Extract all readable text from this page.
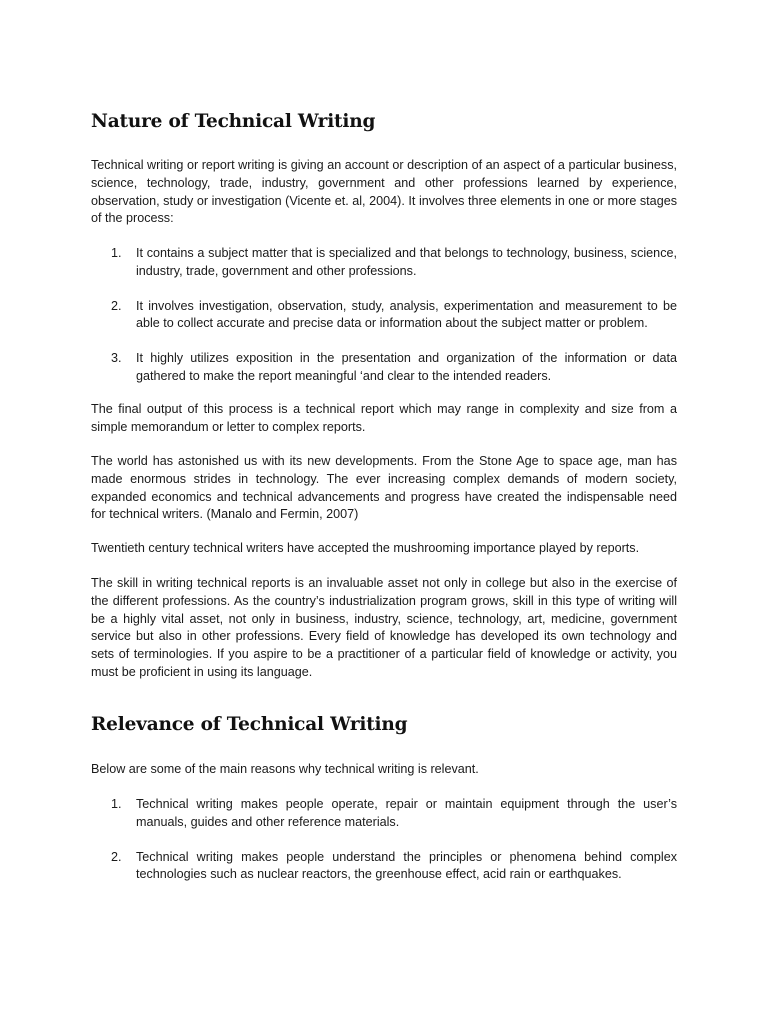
Nature of Technical Writing

Technical writing or report writing is giving an account or description of an aspect of a particular business, science, technology, trade, industry, government and other professions learned by experience, observation, study or investigation (Vicente et. al, 2004). It involves three elements in one or more stages of the process:

1. It contains a subject matter that is specialized and that belongs to technology, business, science, industry, trade, government and other professions.
2. It involves investigation, observation, study, analysis, experimentation and measurement to be able to collect accurate and precise data or information about the subject matter or problem.
3. It highly utilizes exposition in the presentation and organization of the information or data gathered to make the report meaningful ‘and clear to the intended readers.

The final output of this process is a technical report which may range in complexity and size from a simple memorandum or letter to complex reports.

The world has astonished us with its new developments. From the Stone Age to space age, man has made enormous strides in technology. The ever increasing complex demands of modern society, expanded economics and technical advancements and progress have created the indispensable need for technical writers. (Manalo and Fermin, 2007)

Twentieth century technical writers have accepted the mushrooming importance played by reports.

The skill in writing technical reports is an invaluable asset not only in college but also in the exercise of the different professions. As the country’s industrialization program grows, skill in this type of writing will be a highly vital asset, not only in business, industry, science, technology, art, medicine, government service but also in other professions. Every field of knowledge has developed its own technology and sets of terminologies. If you aspire to be a practitioner of a particular field of knowledge or activity, you must be proficient in using its language.

Relevance of Technical Writing

Below are some of the main reasons why technical writing is relevant.

1. Technical writing makes people operate, repair or maintain equipment through the user’s manuals, guides and other reference materials.
2. Technical writing makes people understand the principles or phenomena behind complex technologies such as nuclear reactors, the greenhouse effect, acid rain or earthquakes.
